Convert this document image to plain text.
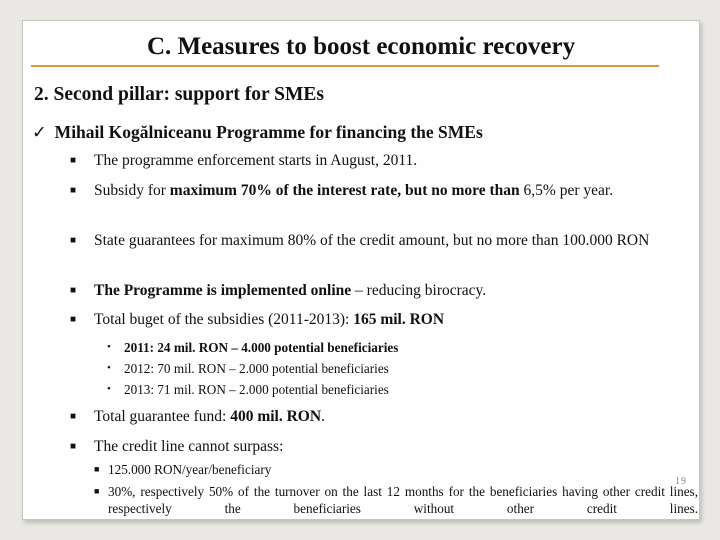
C. Measures to boost economic recovery
2. Second pillar: support for SMEs
✓ Mihail Kogălniceanu Programme for financing the SMEs
■ The programme enforcement starts in August, 2011.
■ Subsidy for maximum 70% of the interest rate, but no more than 6,5% per year.
■ State guarantees for maximum 80% of the credit amount, but no more than 100.000 RON
■ The Programme is implemented online – reducing birocracy.
■ Total buget of the subsidies (2011-2013): 165 mil. RON
• 2011: 24 mil. RON – 4.000 potential beneficiaries
• 2012: 70 mil. RON – 2.000 potential beneficiaries
• 2013: 71 mil. RON – 2.000 potential beneficiaries
■ Total guarantee fund: 400 mil. RON.
■ The credit line cannot surpass:
■ 125.000 RON/year/beneficiary
■ 30%, respectively 50% of the turnover on the last 12 months for the beneficiaries having other credit lines, respectively the beneficiaries without other credit lines.
19
